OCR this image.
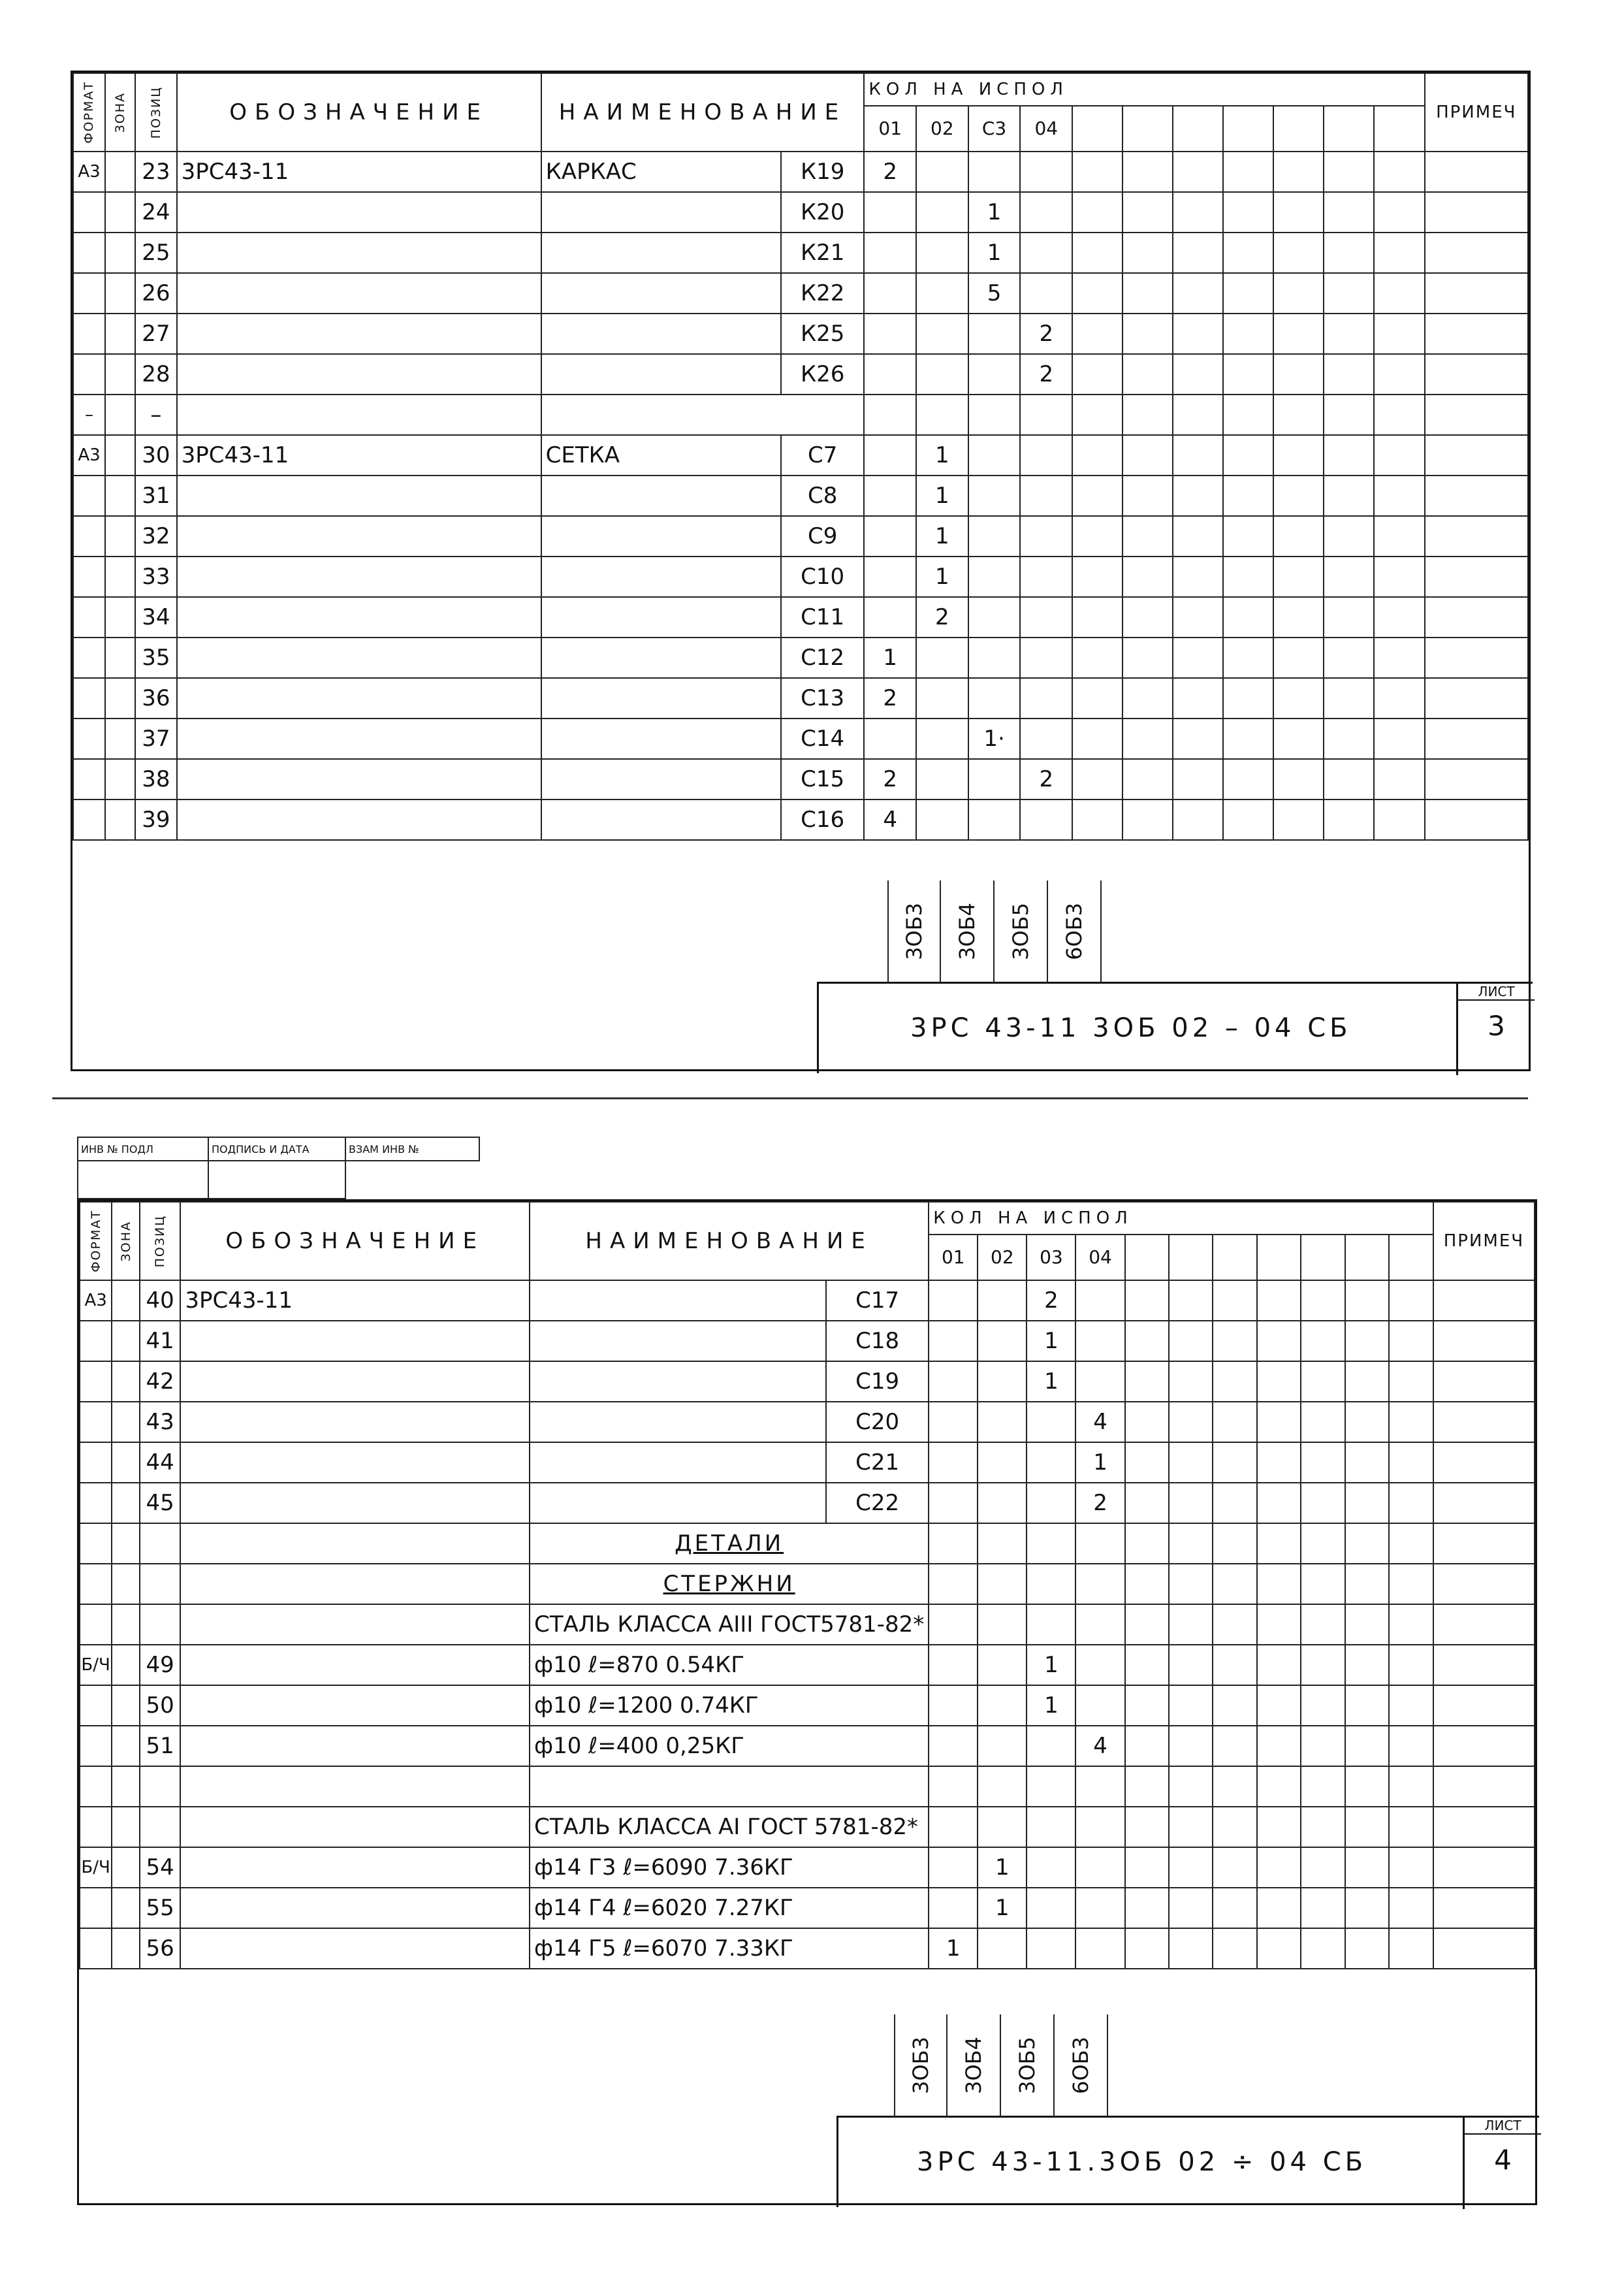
ФОРМАТ	ЗОНА	ПОЗИЦ	ОБОЗНАЧЕНИЕ	НАИМЕНОВАНИЕ		КОЛ НА ИСПОЛ											ПРИМЕЧ
						01	02	С3	04								
А3		23	3РС43-11	КАРКАС	К19	2											
		24			К20			1									
		25			К21			1									
		26			К22			5									
		27			К25				2								
		28			К26				2								
–		–															
А3		30	3РС43-11	СЕТКА	С7		1										
		31			С8		1										
		32			С9		1										
		33			С10		1										
		34			С11		2										
		35			С12	1											
		36			С13	2											
		37			С14			1·									
		38			С15	2			2								
		39			С16	4											
3ОБ3 3ОБ4 3ОБ5 6ОБ3
3РС 43-11 3ОБ 02 – 04 СБ
ЛИСТ
3
ИНВ № ПОДЛ	ПОДПИСЬ И ДАТА	ВЗАМ ИНВ №

ФОРМАТ	ЗОНА	ПОЗИЦ	ОБОЗНАЧЕНИЕ	НАИМЕНОВАНИЕ		КОЛ НА ИСПОЛ											ПРИМЕЧ
						01	02	03	04								
А3		40	3РС43-11		С17			2									
		41			С18			1									
		42			С19			1									
		43			С20				4								
		44			С21				1								
		45			С22				2								
				ДЕТАЛИ													
				СТЕРЖНИ													
				СТАЛЬ КЛАССА АIII ГОСТ5781-82*													
Б/Ч		49		ф10 ℓ=870 0.54КГ				1									
		50		ф10 ℓ=1200 0.74КГ				1									
		51		ф10 ℓ=400 0,25КГ					4								

				СТАЛЬ КЛАССА АI ГОСТ 5781-82*													
Б/Ч		54		ф14 Г3 ℓ=6090 7.36КГ			1										
		55		ф14 Г4 ℓ=6020 7.27КГ			1										
		56		ф14 Г5 ℓ=6070 7.33КГ		1											
3ОБ3 3ОБ4 3ОБ5 6ОБ3
3РС 43-11.3ОБ 02 ÷ 04 СБ
ЛИСТ
4
